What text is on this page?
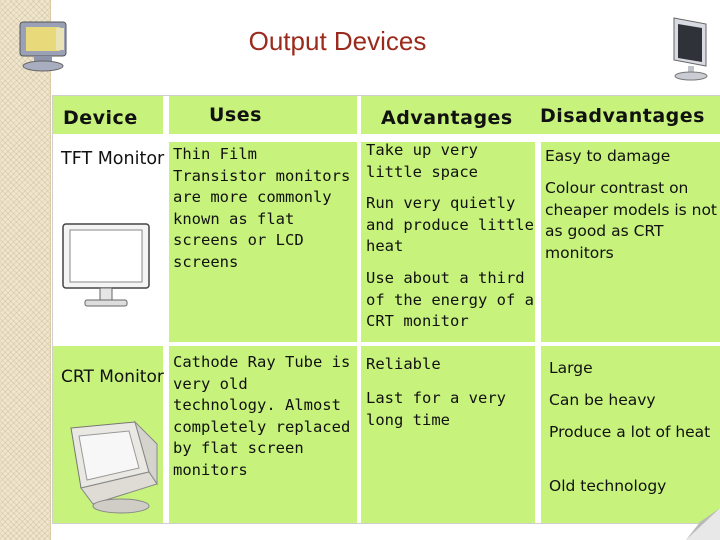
Output Devices
Device	Uses	Advantages Disadvantages
TFT Monitor Thin Film Transistor monitors are more commonly known as flat screens or LCD screens
Take up very little space
Run very quietly and produce little heat
Use about a third of the energy of a CRT monitor
Easy to damage
Colour contrast on cheaper models is not as good as CRT monitors
CRT Monitor
Cathode Ray Tube is very old technology. Almost completely replaced by flat screen monitors
Reliable
Last for a very long time
Large
Can be heavy
Produce a lot of heat
Old technology
